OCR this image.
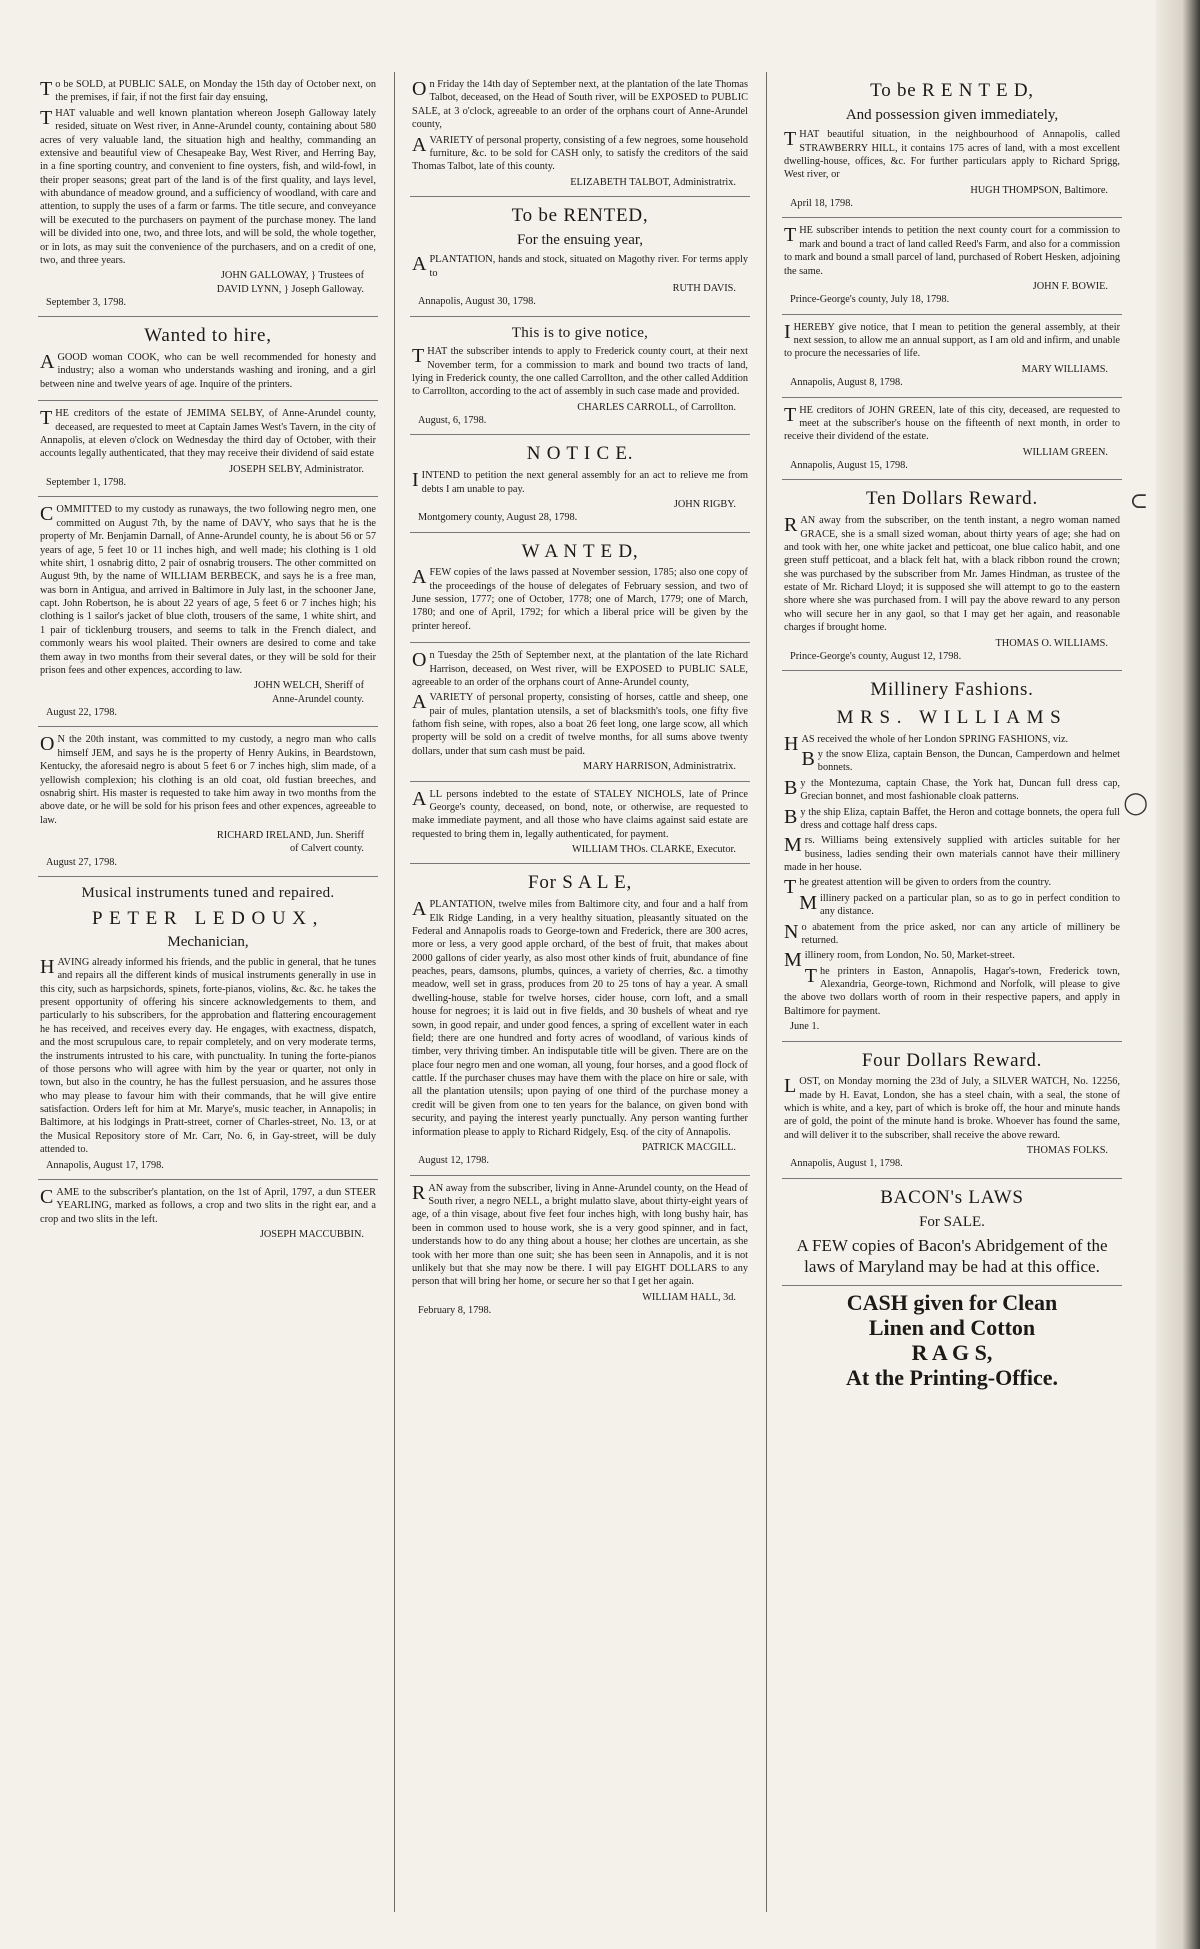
To be SOLD, at PUBLIC SALE, on Monday the 15th day of October next, on the premises, if fair, if not the first fair day ensuing,

THAT valuable and well known plantation whereon Joseph Galloway lately resided, situate on West river, in Anne-Arundel county, containing about 580 acres of very valuable land, the situation high and healthy, commanding an extensive and beautiful view of Chesapeake Bay, West River, and Herring Bay, in a fine sporting country, and convenient to fine oysters, fish, and wild-fowl, in their proper seasons; great part of the land is of the first quality, and lays level, with abundance of meadow ground, and a sufficiency of woodland, with care and attention, to supply the uses of a farm or farms. The title secure, and conveyance will be executed to the purchasers on payment of the purchase money. The land will be divided into one, two, and three lots, and will be sold, the whole together, or in lots, as may suit the convenience of the purchasers, and on a credit of one, two, and three years.

JOHN GALLOWAY, } Trustees of
DAVID LYNN, } Joseph Galloway.
September 3, 1798.
Wanted to hire,

AGOOD woman COOK, who can be well recommended for honesty and industry; also a woman who understands washing and ironing, and a girl between nine and twelve years of age. Inquire of the printers.

THE creditors of the estate of JEMIMA SELBY, of Anne-Arundel county, deceased, are requested to meet at Captain James West's Tavern, in the city of Annapolis, at eleven o'clock on Wednesday the third day of October, with their accounts legally authenticated, that they may receive their dividend of said estate

JOSEPH SELBY, Administrator.
September 1, 1798.

COMMITTED to my custody as runaways, the two following negro men, one committed on August 7th, by the name of DAVY, who says that he is the property of Mr. Benjamin Darnall, of Anne-Arundel county, he is about 56 or 57 years of age, 5 feet 10 or 11 inches high, and well made; his clothing is 1 old white shirt, 1 osnabrig ditto, 2 pair of osnabrig trousers. The other committed on August 9th, by the name of WILLIAM BERBECK, and says he is a free man, was born in Antigua, and arrived in Baltimore in July last, in the schooner Jane, capt. John Robertson, he is about 22 years of age, 5 feet 6 or 7 inches high; his clothing is 1 sailor's jacket of blue cloth, trousers of the same, 1 white shirt, and 1 pair of ticklenburg trousers, and seems to talk in the French dialect, and commonly wears his wool plaited. Their owners are desired to come and take them away in two months from their several dates, or they will be sold for their prison fees and other expences, according to law.

JOHN WELCH, Sheriff of
Anne-Arundel county.
August 22, 1798.

ON the 20th instant, was committed to my custody, a negro man who calls himself JEM, and says he is the property of Henry Aukins, in Beardstown, Kentucky, the aforesaid negro is about 5 feet 6 or 7 inches high, slim made, of a yellowish complexion; his clothing is an old coat, old fustian breeches, and osnabrig shirt. His master is requested to take him away in two months from the above date, or he will be sold for his prison fees and other expences, agreeable to law.

RICHARD IRELAND, Jun. Sheriff
of Calvert county.
August 27, 1798.
Musical instruments tuned and repaired.
PETER LEDOUX,
Mechanician,

HAVING already informed his friends, and the public in general, that he tunes and repairs all the different kinds of musical instruments generally in use in this city, such as harpsichords, spinets, forte-pianos, violins, &c. &c. he takes the present opportunity of offering his sincere acknowledgements to them, and particularly to his subscribers, for the approbation and flattering encouragement he has received, and receives every day. He engages, with exactness, dispatch, and the most scrupulous care, to repair completely, and on very moderate terms, the instruments intrusted to his care, with punctuality. In tuning the forte-pianos of those persons who will agree with him by the year or quarter, not only in town, but also in the country, he has the fullest persuasion, and he assures those who may please to favour him with their commands, that he will give entire satisfaction. Orders left for him at Mr. Marye's, music teacher, in Annapolis; in Baltimore, at his lodgings in Pratt-street, corner of Charles-street, No. 13, or at the Musical Repository store of Mr. Carr, No. 6, in Gay-street, will be duly attended to.

Annapolis, August 17, 1798.

CAME to the subscriber's plantation, on the 1st of April, 1797, a dun STEER YEARLING, marked as follows, a crop and two slits in the right ear, and a crop and two slits in the left.

JOSEPH MACCUBBIN.

On Friday the 14th day of September next, at the plantation of the late Thomas Talbot, deceased, on the Head of South river, will be EXPOSED to PUBLIC SALE, at 3 o'clock, agreeable to an order of the orphans court of Anne-Arundel county,

AVARIETY of personal property, consisting of a few negroes, some household furniture, &c. to be sold for CASH only, to satisfy the creditors of the said Thomas Talbot, late of this county.

ELIZABETH TALBOT, Administratrix.
To be RENTED,
For the ensuing year,

APLANTATION, hands and stock, situated on Magothy river. For terms apply to

RUTH DAVIS.
Annapolis, August 30, 1798.
This is to give notice,

THAT the subscriber intends to apply to Frederick county court, at their next November term, for a commission to mark and bound two tracts of land, lying in Frederick county, the one called Carrollton, and the other called Addition to Carrollton, according to the act of assembly in such case made and provided.

CHARLES CARROLL, of Carrollton.
August, 6, 1798.
N O T I C E.

IINTEND to petition the next general assembly for an act to relieve me from debts I am unable to pay.

JOHN RIGBY.
Montgomery county, August 28, 1798.
W A N T E D,

AFEW copies of the laws passed at November session, 1785; also one copy of the proceedings of the house of delegates of February session, and two of June session, 1777; one of October, 1778; one of March, 1779; one of March, 1780; and one of April, 1792; for which a liberal price will be given by the printer hereof.

On Tuesday the 25th of September next, at the plantation of the late Richard Harrison, deceased, on West river, will be EXPOSED to PUBLIC SALE, agreeable to an order of the orphans court of Anne-Arundel county,

AVARIETY of personal property, consisting of horses, cattle and sheep, one pair of mules, plantation utensils, a set of blacksmith's tools, one fifty five fathom fish seine, with ropes, also a boat 26 feet long, one large scow, all which property will be sold on a credit of twelve months, for all sums above twenty dollars, under that sum cash must be paid.

MARY HARRISON, Administratrix.

ALL persons indebted to the estate of STALEY NICHOLS, late of Prince George's county, deceased, on bond, note, or otherwise, are requested to make immediate payment, and all those who have claims against said estate are requested to bring them in, legally authenticated, for payment.

WILLIAM THOs. CLARKE, Executor.
For S A L E,

APLANTATION, twelve miles from Baltimore city, and four and a half from Elk Ridge Landing, in a very healthy situation, pleasantly situated on the Federal and Annapolis roads to George-town and Frederick, there are 300 acres, more or less, a very good apple orchard, of the best of fruit, that makes about 2000 gallons of cider yearly, as also most other kinds of fruit, abundance of fine peaches, pears, damsons, plumbs, quinces, a variety of cherries, &c. a timothy meadow, well set in grass, produces from 20 to 25 tons of hay a year. A small dwelling-house, stable for twelve horses, cider house, corn loft, and a small house for negroes; it is laid out in five fields, and 30 bushels of wheat and rye sown, in good repair, and under good fences, a spring of excellent water in each field; there are one hundred and forty acres of woodland, of various kinds of timber, very thriving timber. An indisputable title will be given. There are on the place four negro men and one woman, all young, four horses, and a good flock of cattle. If the purchaser chuses may have them with the place on hire or sale, with all the plantation utensils; upon paying of one third of the purchase money a credit will be given from one to ten years for the balance, on given bond with security, and paying the interest yearly punctually. Any person wanting further information please to apply to Richard Ridgely, Esq. of the city of Annapolis.

PATRICK MACGILL.
August 12, 1798.

RAN away from the subscriber, living in Anne-Arundel county, on the Head of South river, a negro NELL, a bright mulatto slave, about thirty-eight years of age, of a thin visage, about five feet four inches high, with long bushy hair, has been in common used to house work, she is a very good spinner, and in fact, understands how to do any thing about a house; her clothes are uncertain, as she took with her more than one suit; she has been seen in Annapolis, and it is not unlikely but that she may now be there. I will pay EIGHT DOLLARS to any person that will bring her home, or secure her so that I get her again.

WILLIAM HALL, 3d.
February 8, 1798.
To be R E N T E D,
And possession given immediately,

THAT beautiful situation, in the neighbourhood of Annapolis, called STRAWBERRY HILL, it contains 175 acres of land, with a most excellent dwelling-house, offices, &c. For further particulars apply to Richard Sprigg, West river, or

HUGH THOMPSON, Baltimore.
April 18, 1798.

THE subscriber intends to petition the next county court for a commission to mark and bound a tract of land called Reed's Farm, and also for a commission to mark and bound a small parcel of land, purchased of Robert Hesken, adjoining the same.

JOHN F. BOWIE.
Prince-George's county, July 18, 1798.

IHEREBY give notice, that I mean to petition the general assembly, at their next session, to allow me an annual support, as I am old and infirm, and unable to procure the necessaries of life.

MARY WILLIAMS.
Annapolis, August 8, 1798.

THE creditors of JOHN GREEN, late of this city, deceased, are requested to meet at the subscriber's house on the fifteenth of next month, in order to receive their dividend of the estate.

WILLIAM GREEN.
Annapolis, August 15, 1798.
Ten Dollars Reward.

RAN away from the subscriber, on the tenth instant, a negro woman named GRACE, she is a small sized woman, about thirty years of age; she had on and took with her, one white jacket and petticoat, one blue calico habit, and one green stuff petticoat, and a black felt hat, with a black ribbon round the crown; she was purchased by the subscriber from Mr. James Hindman, as trustee of the estate of Mr. Richard Lloyd; it is supposed she will attempt to go to the eastern shore where she was purchased from. I will pay the above reward to any person who will secure her in any gaol, so that I may get her again, and reasonable charges if brought home.

THOMAS O. WILLIAMS.
Prince-George's county, August 12, 1798.
Millinery Fashions.
MRS. WILLIAMS

HAS received the whole of her London SPRING FASHIONS, viz.

By the snow Eliza, captain Benson, the Duncan, Camperdown and helmet bonnets.

By the Montezuma, captain Chase, the York hat, Duncan full dress cap, Grecian bonnet, and most fashionable cloak patterns.

By the ship Eliza, captain Baffet, the Heron and cottage bonnets, the opera full dress and cottage half dress caps.

Mrs. Williams being extensively supplied with articles suitable for her business, ladies sending their own materials cannot have their millinery made in her house.

The greatest attention will be given to orders from the country.

Millinery packed on a particular plan, so as to go in perfect condition to any distance.

No abatement from the price asked, nor can any article of millinery be returned.

Millinery room, from London, No. 50, Market-street.

The printers in Easton, Annapolis, Hagar's-town, Frederick town, Alexandria, George-town, Richmond and Norfolk, will please to give the above two dollars worth of room in their respective papers, and apply in Baltimore for payment.

June 1.
Four Dollars Reward.

LOST, on Monday morning the 23d of July, a SILVER WATCH, No. 12256, made by H. Eavat, London, she has a steel chain, with a seal, the stone of which is white, and a key, part of which is broke off, the hour and minute hands are of gold, the point of the minute hand is broke. Whoever has found the same, and will deliver it to the subscriber, shall receive the above reward.

THOMAS FOLKS.
Annapolis, August 1, 1798.
BACON's LAWS
For SALE.
A FEW copies of Bacon's Abridgement of the laws of Maryland may be had at this office.
CASH given for Clean
Linen and Cotton
R A G S,
At the Printing-Office.
⊂
◯
